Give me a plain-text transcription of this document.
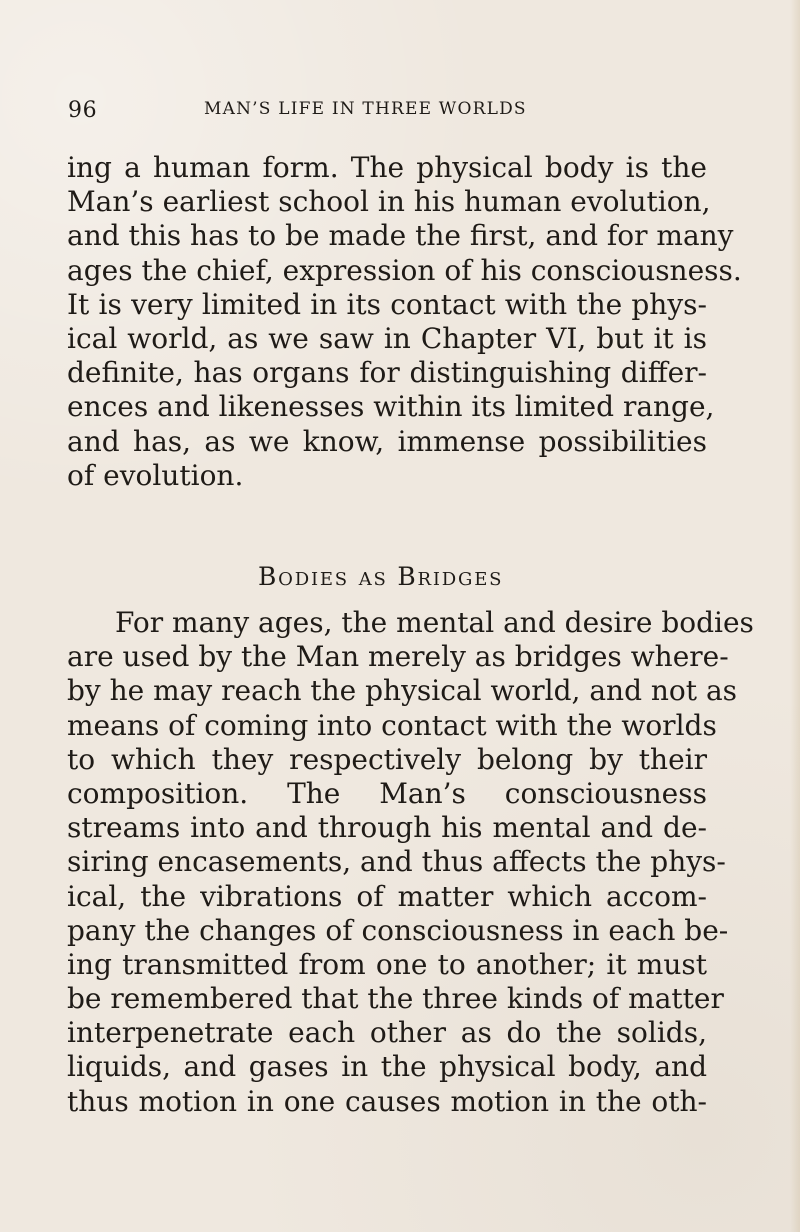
96	MAN’S LIFE IN THREE WORLDS
ing a human form. The physical body is the
Man’s earliest school in his human evolution,
and this has to be made the first, and for many
ages the chief, expression of his consciousness.
It is very limited in its contact with the phys-
ical world, as we saw in Chapter VI, but it is
definite, has organs for distinguishing differ-
ences and likenesses within its limited range,
and has, as we know, immense possibilities
of evolution.
Bodies as Bridges
For many ages, the mental and desire bodies
are used by the Man merely as bridges where-
by he may reach the physical world, and not as
means of coming into contact with the worlds
to which they respectively belong by their
composition. The Man’s consciousness
streams into and through his mental and de-
siring encasements, and thus affects the phys-
ical, the vibrations of matter which accom-
pany the changes of consciousness in each be-
ing transmitted from one to another; it must
be remembered that the three kinds of matter
interpenetrate each other as do the solids,
liquids, and gases in the physical body, and
thus motion in one causes motion in the oth-
